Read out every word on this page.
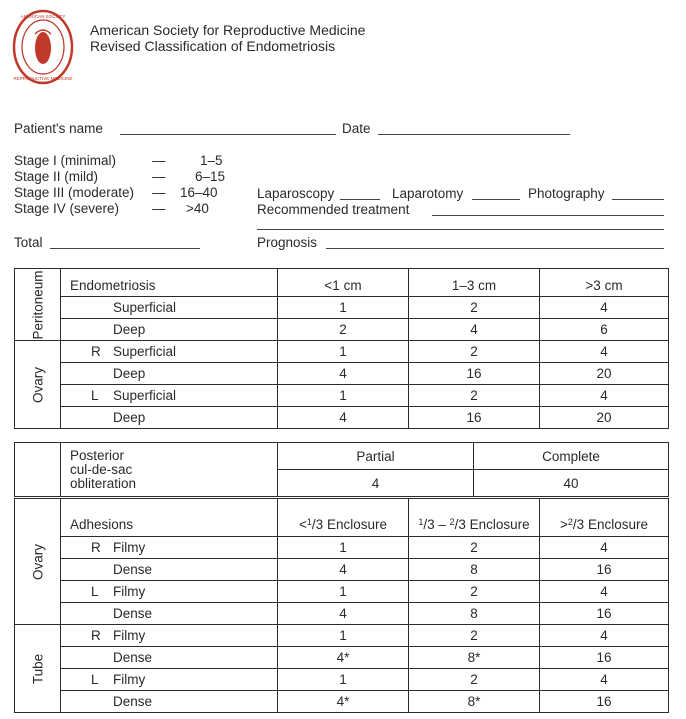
AMERICAN SOCIETY
REPRODUCTIVE MEDICINE
American Society for Reproductive Medicine
Revised Classification of Endometriosis
Patient's name	Date
Stage I (minimal)	—	1–5
Stage II (mild)	— 6–15
Stage III (moderate) — 16–40
Stage IV (severe) — >40
Laparoscopy	Laparotomy	Photography
Recommended treatment
Total	Prognosis
Peritoneum	Endometriosis	<1 cm	1–3 cm	>3 cm
	Superficial	1	2	4
	Deep	2	4	6

Ovary	R Superficial	1	2	4
	Deep	4	16	20
	L Superficial	1	2	4
	Deep	4	16	20

	Posterior
cul-de-sac
obliteration	Partial	Complete
		4	40
Ovary	Adhesions	<$^1$/3 Enclosure	$^1$/3 – $^2$/3 Enclosure	>$^2$/3 Enclosure
	R Filmy	1	2	4
	Dense	4	8	16
	L Filmy	1	2	4
	Dense	4	8	16

Tube	R Filmy	1	2	4
	Dense	4*	8*	16
	L Filmy	1	2	4
	Dense	4*	8*	16
